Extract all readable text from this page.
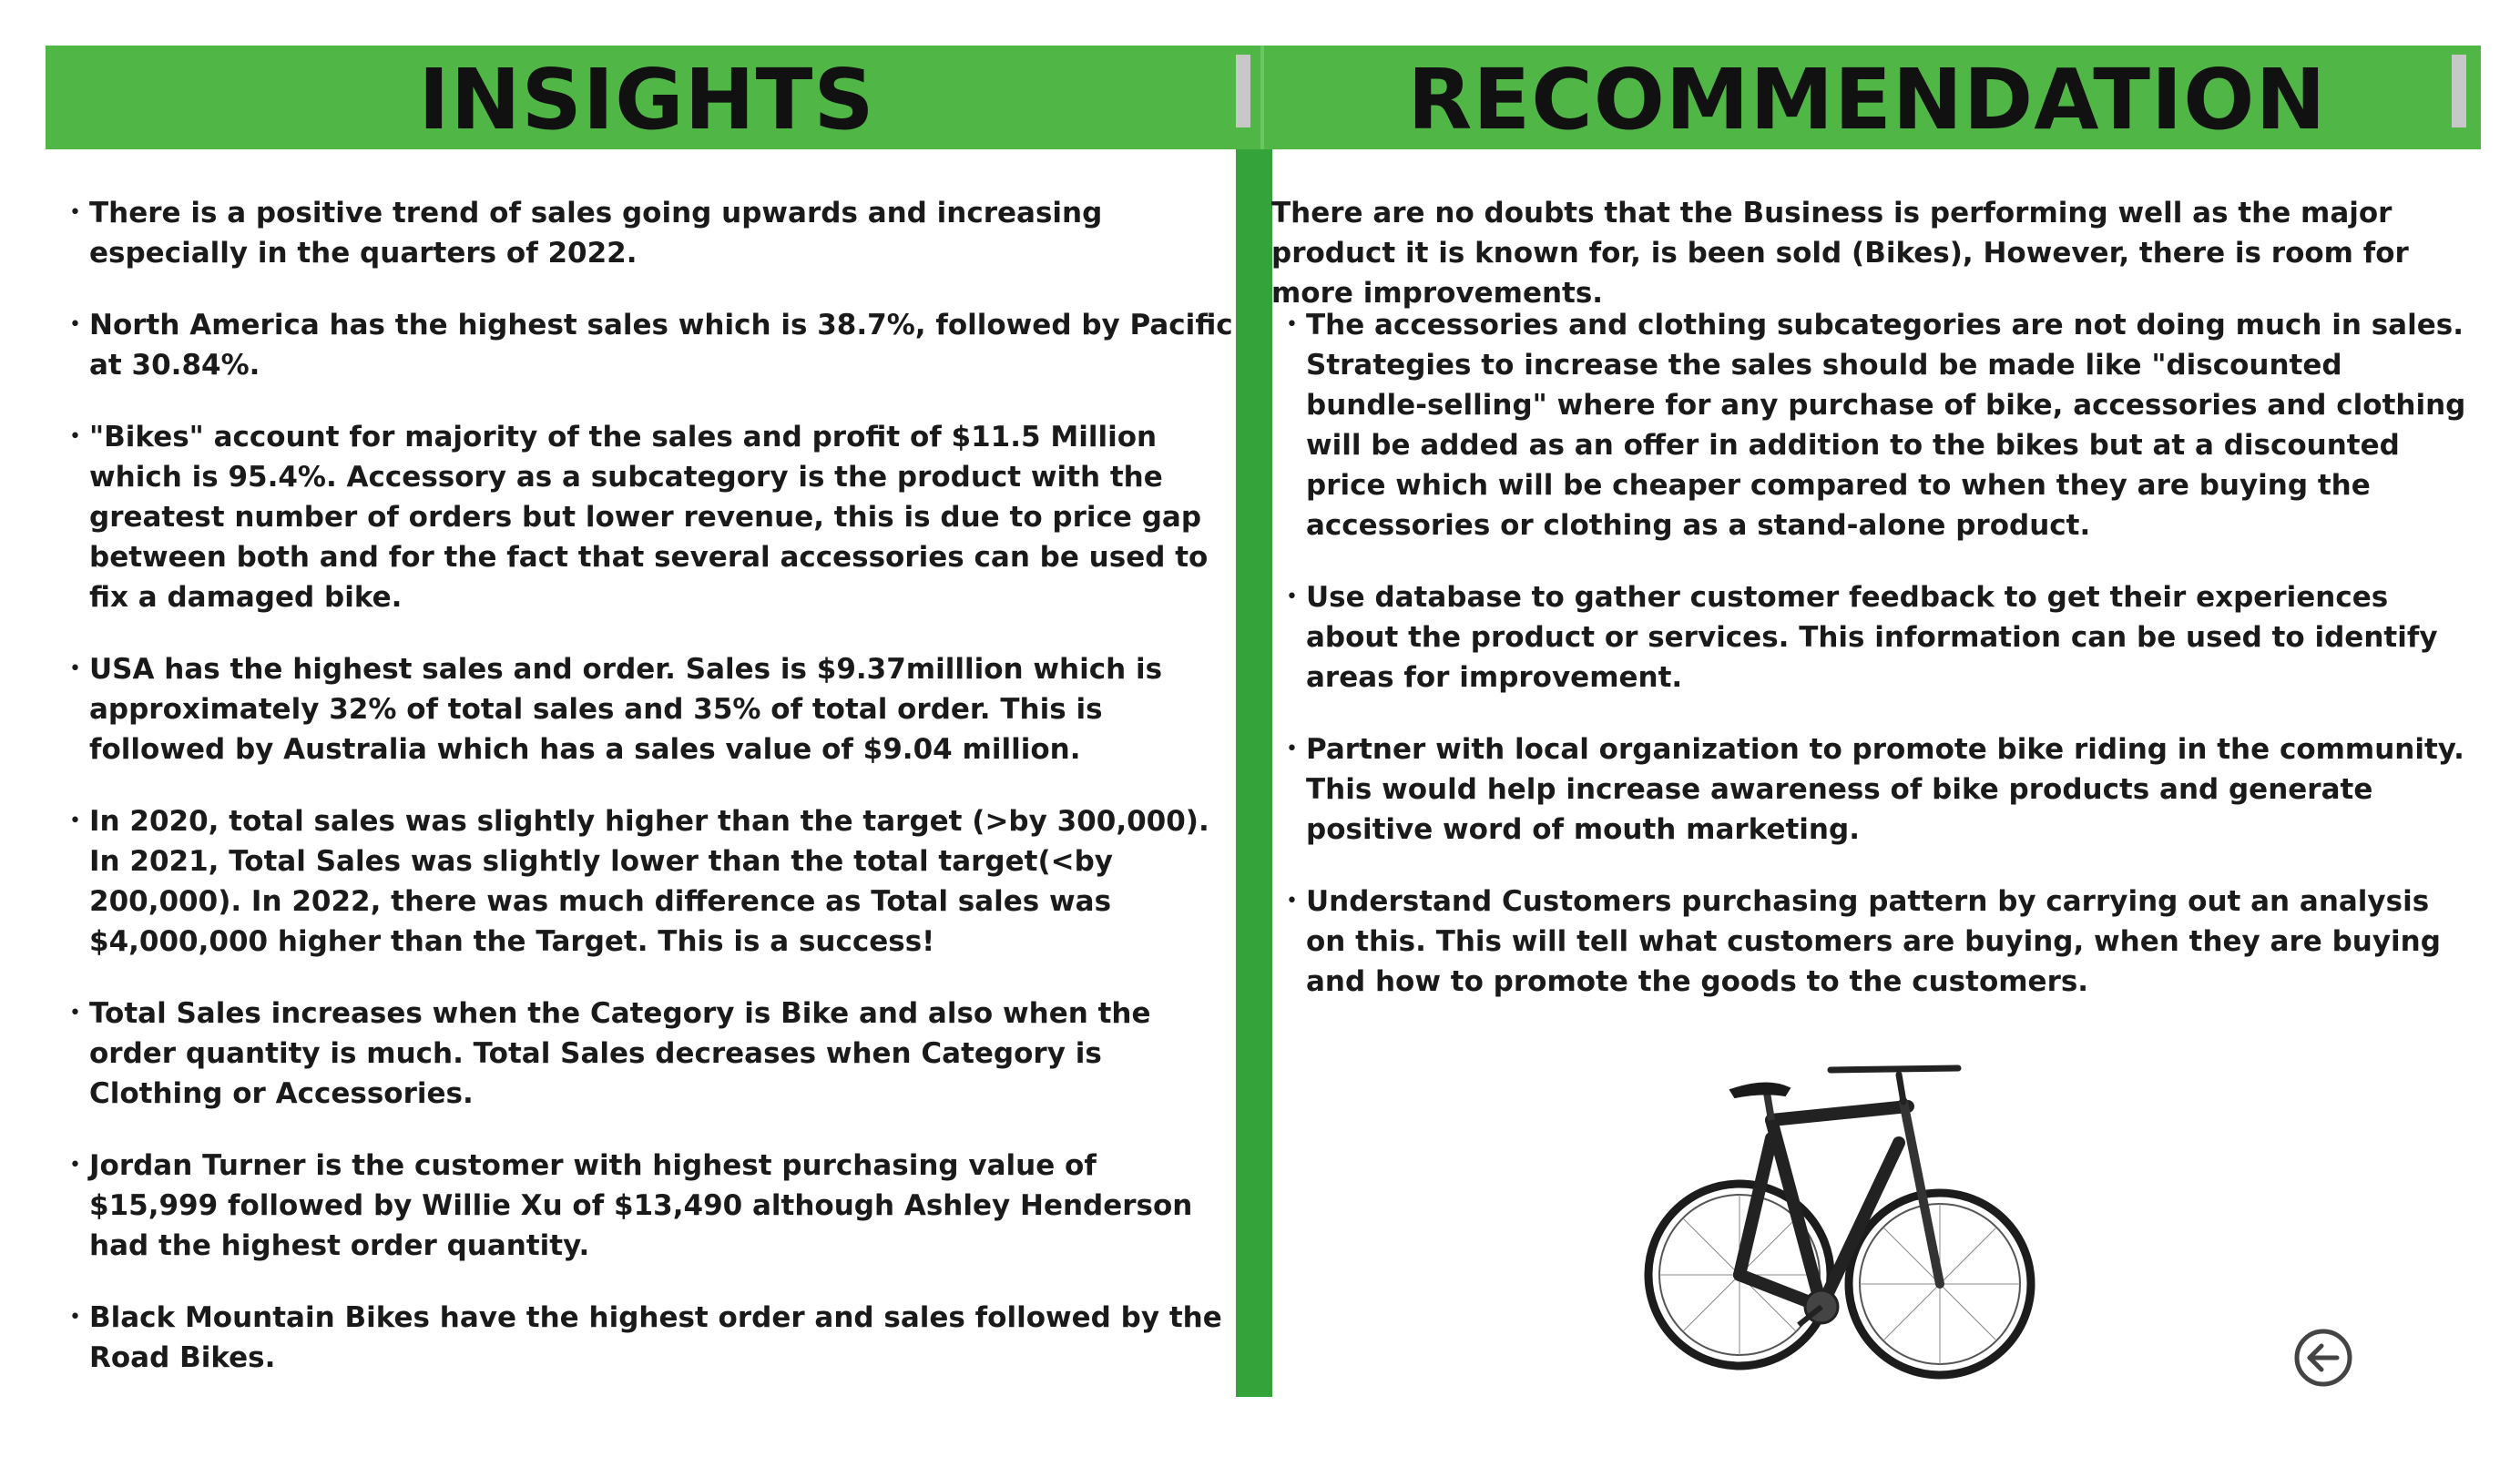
INSIGHTS	RECOMMENDATION
• There is a positive trend of sales going upwards and increasing especially in the quarters of 2022.
• North America has the highest sales which is 38.7%, followed by Pacific at 30.84%.
• "Bikes" account for majority of the sales and profit of $11.5 Million which is 95.4%. Accessory as a subcategory is the product with the greatest number of orders but lower revenue, this is due to price gap between both and for the fact that several accessories can be used to fix a damaged bike.
• USA has the highest sales and order. Sales is $9.37milllion which is approximately 32% of total sales and 35% of total order. This is followed by Australia which has a sales value of $9.04 million.
• In 2020, total sales was slightly higher than the target (>by 300,000). In 2021, Total Sales was slightly lower than the total target(<by 200,000). In 2022, there was much difference as Total sales was $4,000,000 higher than the Target. This is a success!
• Total Sales increases when the Category is Bike and also when the order quantity is much. Total Sales decreases when Category is Clothing or Accessories.
• Jordan Turner is the customer with highest purchasing value of $15,999 followed by Willie Xu of $13,490 although Ashley Henderson had the highest order quantity.
• Black Mountain Bikes have the highest order and sales followed by the Road Bikes.

There are no doubts that the Business is performing well as the major product it is known for, is been sold (Bikes), However, there is room for more improvements.

• The accessories and clothing subcategories are not doing much in sales. Strategies to increase the sales should be made like "discounted bundle-selling" where for any purchase of bike, accessories and clothing will be added as an offer in addition to the bikes but at a discounted price which will be cheaper compared to when they are buying the accessories or clothing as a stand-alone product.
• Use database to gather customer feedback to get their experiences about the product or services. This information can be used to identify areas for improvement.
• Partner with local organization to promote bike riding in the community. This would help increase awareness of bike products and generate positive word of mouth marketing.
• Understand Customers purchasing pattern by carrying out an analysis on this. This will tell what customers are buying, when they are buying and how to promote the goods to the customers.
